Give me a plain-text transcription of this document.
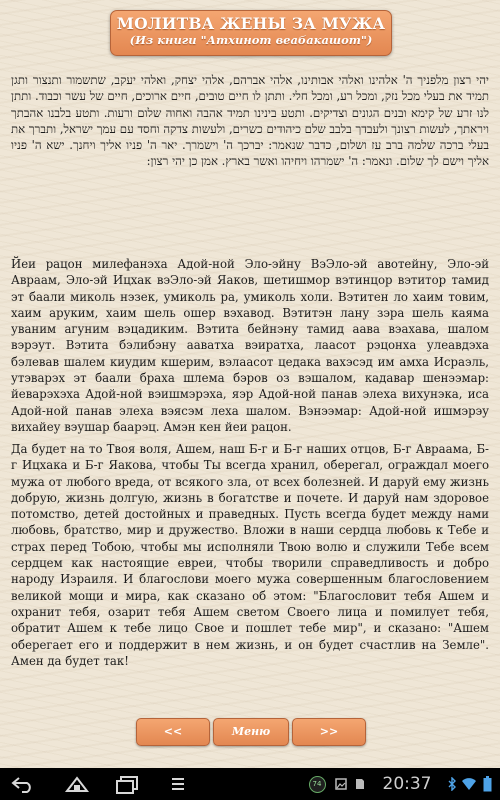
МОЛИТВА ЖЕНЫ ЗА МУЖА
(Из книги "Атхинот веабакашот")
יהי רצון מלפניך ה' אלהינו ואלהי אבותינו, אלהי אברהם, אלהי יצחק, ואלהי יעקב, שתשמור ותנצור ותגן תמיד את בעלי מכל נזק, ומכל רע, ומכל חלי. ותתן לו חיים טובים, חיים ארוכים, חיים של עשר וכבוד. ותתן לנו זרע של קימא ובנים הגונים וצדיקים. ותטע בינינו תמיד אהבה ואחוה שלום ורעות. ותטע בלבנו אהבתך ויראתך, לעשות רצונך ולעבדך בלבב שלם כיהודים כשרים, ולעשות צדקה וחסד עם עמך ישראל, ותברך את בעלי ברכה שלמה ברב עז ושלום, כדבר שנאמר: יברכך ה' וישמרך. יאר ה' פניו אליך ויחנך. ישא ה' פניו אליך וישם לך שלום. ונאמר: ה' ישמרהו ויחיהו ואשר בארץ. אמן כן יהי רצון:
Йеи рацон милефанэха Адой-ной Эло-эйну ВэЭло-эй авотейну, Эло-эй Авраам, Эло-эй Ицхак вэЭло-эй Яаков, шетишмор вэтинцор вэтитор тамид эт баали миколь нэзек, умиколь ра, умиколь холи. Вэтитен ло хаим товим, хаим аруким, хаим шель ошер вэхавод. Вэтитэн лану зэра шель каяма уваним агуним вэцадиким. Вэтита бейнэну тамид аава вэахава, шалом вэрэут. Вэтита бэлибэну ааватха вэиратха, лаасот рэцонха улеавдэха бэлевав шалем киудим кшерим, вэлаасот цедака вахэсэд им амха Исраэль, утэварэх эт баали браха шлема бэров оз вэшалом, кадавар шенээмар: йеварэхэха Адой-ной вэишмэрэха, яэр Адой-ной панав элеха вихунэка, иса Адой-ной панав элеха вэясэм леха шалом. Вэнээмар: Адой-ной ишмэрэу вихайеу вэушар баарэц. Амэн кен йеи рацон.
Да будет на то Твоя воля, Ашем, наш Б-г и Б-г наших отцов, Б-г Авраама, Б-г Ицхака и Б-г Яакова, чтобы Ты всегда хранил, оберегал, ограждал моего мужа от любого вреда, от всякого зла, от всех болезней. И даруй ему жизнь добрую, жизнь долгую, жизнь в богатстве и почете. И даруй нам здоровое потомство, детей достойных и праведных. Пусть всегда будет между нами любовь, братство, мир и дружество. Вложи в наши сердца любовь к Тебе и страх перед Тобою, чтобы мы исполняли Твою волю и служили Тебе всем сердцем как настоящие евреи, чтобы творили справедливость и добро народу Израиля. И благослови моего мужа совершенным благословением великой мощи и мира, как сказано об этом: "Благословит тебя Ашем и охранит тебя, озарит тебя Ашем светом Своего лица и помилует тебя, обратит Ашем к тебе лицо Свое и пошлет тебе мир", и сказано: "Ашем оберегает его и поддержит в нем жизнь, и он будет счастлив на Земле". Амен да будет так!
<<	Меню	>>
74	20:37
